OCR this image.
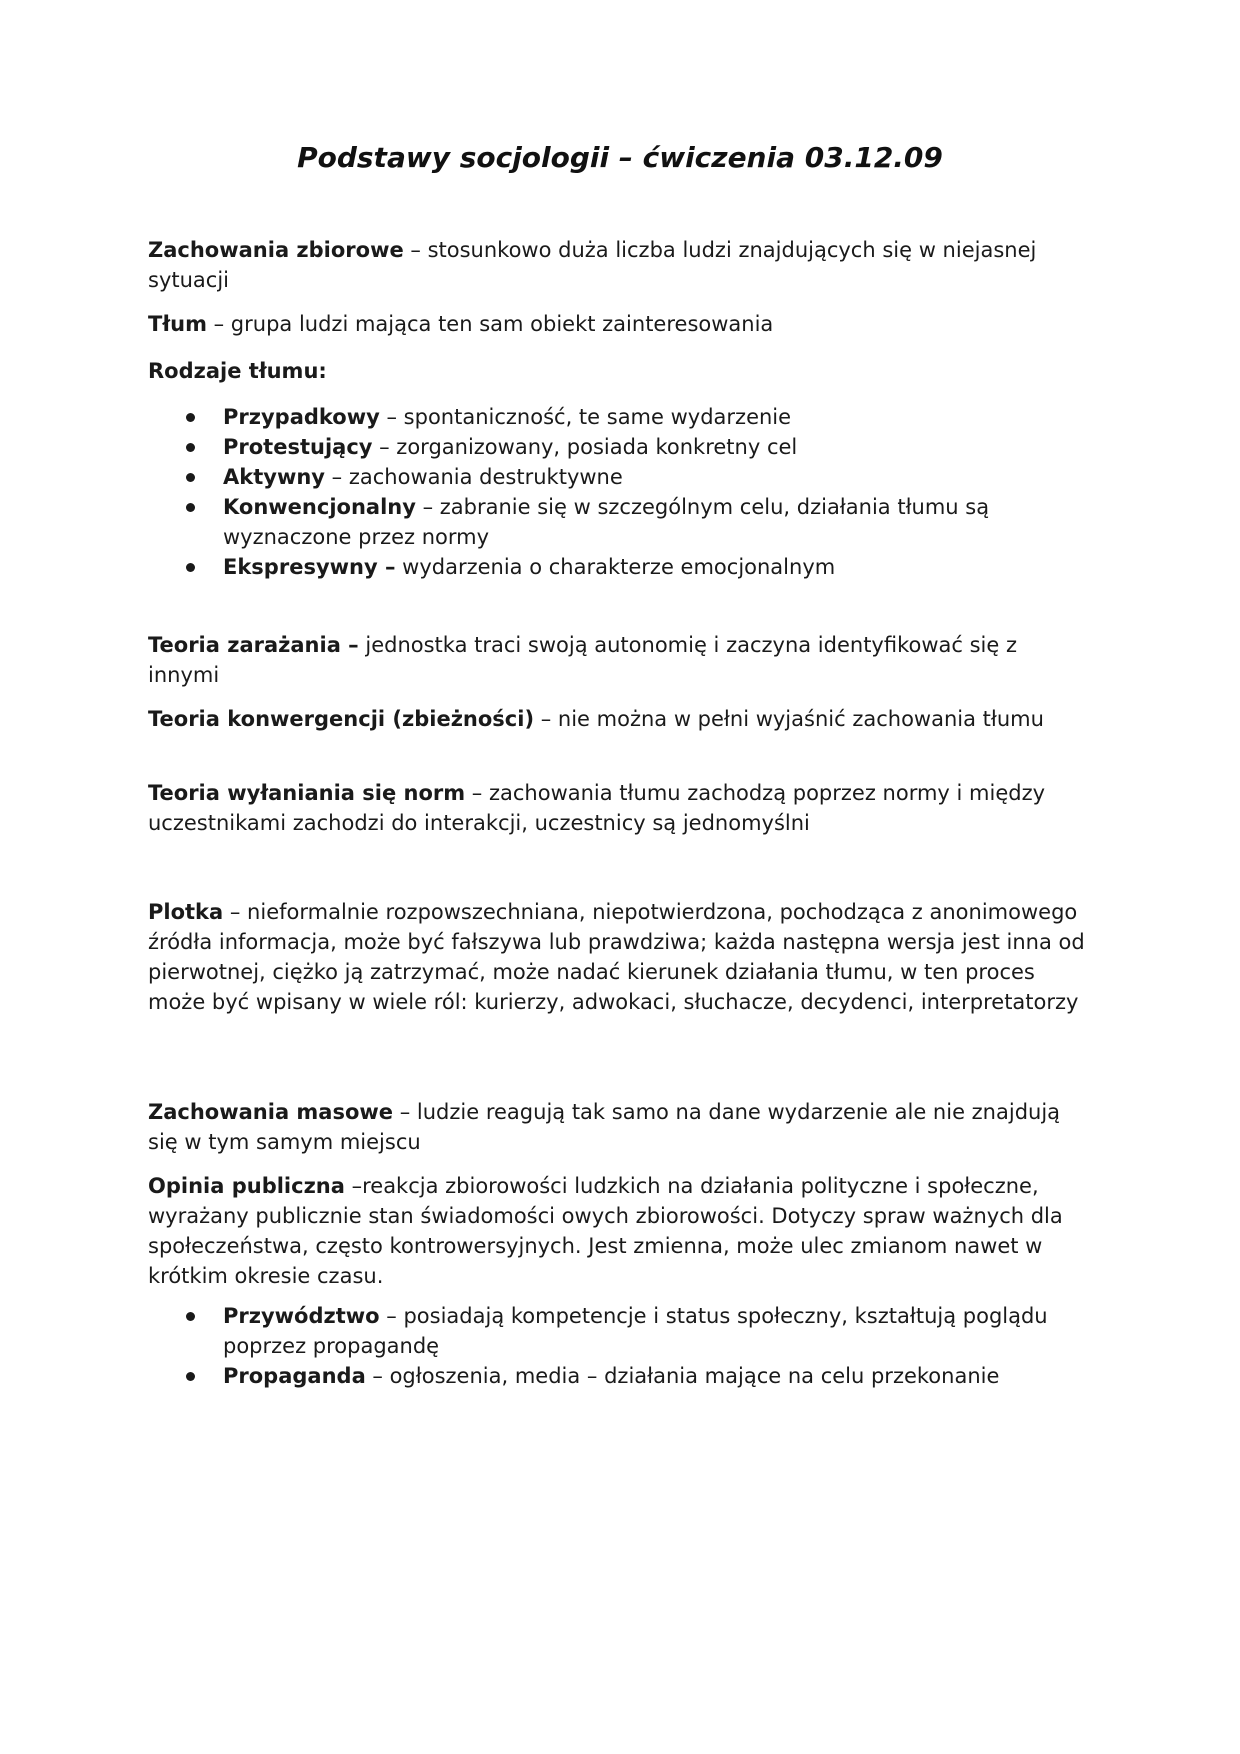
Podstawy socjologii – ćwiczenia 03.12.09

Zachowania zbiorowe – stosunkowo duża liczba ludzi znajdujących się w niejasnej sytuacji

Tłum – grupa ludzi mająca ten sam obiekt zainteresowania

Rodzaje tłumu:

Przypadkowy – spontaniczność, te same wydarzenie
Protestujący – zorganizowany, posiada konkretny cel
Aktywny – zachowania destruktywne
Konwencjonalny – zabranie się w szczególnym celu, działania tłumu są wyznaczone przez normy
Ekspresywny – wydarzenia o charakterze emocjonalnym

Teoria zarażania – jednostka traci swoją autonomię i zaczyna identyfikować się z innymi

Teoria konwergencji (zbieżności) – nie można w pełni wyjaśnić zachowania tłumu

Teoria wyłaniania się norm – zachowania tłumu zachodzą poprzez normy i między uczestnikami zachodzi do interakcji, uczestnicy są jednomyślni

Plotka – nieformalnie rozpowszechniana, niepotwierdzona, pochodząca z anonimowego źródła informacja, może być fałszywa lub prawdziwa; każda następna wersja jest inna od pierwotnej, ciężko ją zatrzymać, może nadać kierunek działania tłumu, w ten proces może być wpisany w wiele ról: kurierzy, adwokaci, słuchacze, decydenci, interpretatorzy

Zachowania masowe – ludzie reagują tak samo na dane wydarzenie ale nie znajdują się w tym samym miejscu

Opinia publiczna –reakcja zbiorowości ludzkich na działania polityczne i społeczne, wyrażany publicznie stan świadomości owych zbiorowości. Dotyczy spraw ważnych dla społeczeństwa, często kontrowersyjnych. Jest zmienna, może ulec zmianom nawet w krótkim okresie czasu.

Przywództwo – posiadają kompetencje i status społeczny, kształtują poglądu poprzez propagandę
Propaganda – ogłoszenia, media – działania mające na celu przekonanie
